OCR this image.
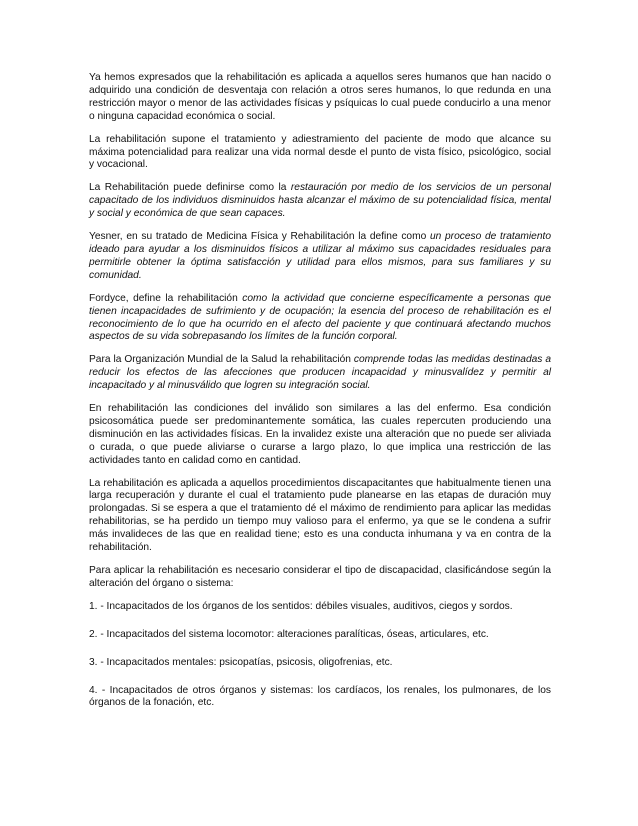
Ya hemos expresados que la rehabilitación es aplicada a aquellos seres humanos que han nacido o adquirido una condición de desventaja con relación a otros seres humanos, lo que redunda en una restricción mayor o menor de las actividades físicas y psíquicas lo cual puede conducirlo a una menor o ninguna capacidad económica o social.

La rehabilitación supone el tratamiento y adiestramiento del paciente de modo que alcance su máxima potencialidad para realizar una vida normal desde el punto de vista físico, psicológico, social y vocacional.

La Rehabilitación puede definirse como la restauración por medio de los servicios de un personal capacitado de los individuos disminuidos hasta alcanzar el máximo de su potencialidad física, mental y social y económica de que sean capaces.

Yesner, en su tratado de Medicina Física y Rehabilitación la define como un proceso de tratamiento ideado para ayudar a los disminuidos físicos a utilizar al máximo sus capacidades residuales para permitirle obtener la óptima satisfacción y utilidad para ellos mismos, para sus familiares y su comunidad.

Fordyce, define la rehabilitación como la actividad que concierne específicamente a personas que tienen incapacidades de sufrimiento y de ocupación; la esencia del proceso de rehabilitación es el reconocimiento de lo que ha ocurrido en el afecto del paciente y que continuará afectando muchos aspectos de su vida sobrepasando los límites de la función corporal.

Para la Organización Mundial de la Salud la rehabilitación comprende todas las medidas destinadas a reducir los efectos de las afecciones que producen incapacidad y minusvalídez y permitir al incapacitado y al minusválido que logren su integración social.

En rehabilitación las condiciones del inválido son similares a las del enfermo. Esa condición psicosomática puede ser predominantemente somática, las cuales repercuten produciendo una disminución en las actividades físicas. En la invalidez existe una alteración que no puede ser aliviada o curada, o que puede aliviarse o curarse a largo plazo, lo que implica una restricción de las actividades tanto en calidad como en cantidad.

La rehabilitación es aplicada a aquellos procedimientos discapacitantes que habitualmente tienen una larga recuperación y durante el cual el tratamiento pude planearse en las etapas de duración muy prolongadas. Si se espera a que el tratamiento dé el máximo de rendimiento para aplicar las medidas rehabilitorias, se ha perdido un tiempo muy valioso para el enfermo, ya que se le condena a sufrir más invalideces de las que en realidad tiene; esto es una conducta inhumana y va en contra de la rehabilitación.

Para aplicar la rehabilitación es necesario considerar el tipo de discapacidad, clasificándose según la alteración del órgano o sistema:

1. - Incapacitados de los órganos de los sentidos: débiles visuales, auditivos, ciegos y sordos.

2. - Incapacitados del sistema locomotor: alteraciones paralíticas, óseas, articulares, etc.

3. - Incapacitados mentales: psicopatías, psicosis, oligofrenias, etc.

4. - Incapacitados de otros órganos y sistemas: los cardíacos, los renales, los pulmonares, de los órganos de la fonación, etc.
